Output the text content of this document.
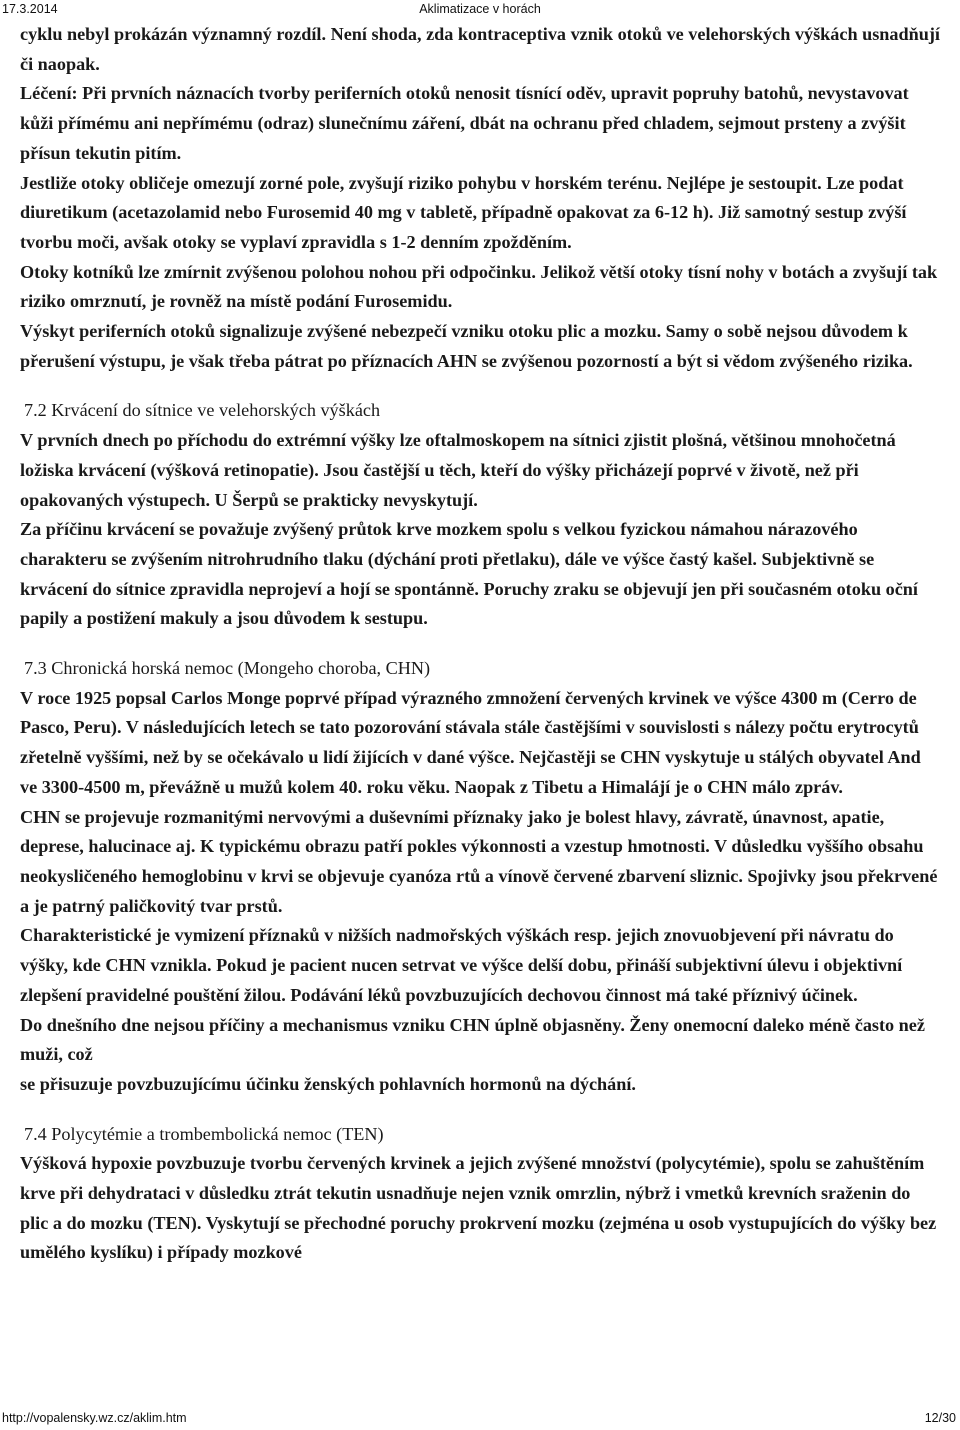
17.3.2014	Aklimatizace v horách

cyklu nebyl prokázán významný rozdíl. Není shoda, zda kontraceptiva vznik otoků ve velehorských výškách usnadňují či naopak.

Léčení: Při prvních náznacích tvorby periferních otoků nenosit tísnící oděv, upravit popruhy batohů, nevystavovat kůži přímému ani nepřímému (odraz) slunečnímu záření, dbát na ochranu před chladem, sejmout prsteny a zvýšit přísun tekutin pitím.

Jestliže otoky obličeje omezují zorné pole, zvyšují riziko pohybu v horském terénu. Nejlépe je sestoupit. Lze podat diuretikum (acetazolamid nebo Furosemid 40 mg v tabletě, případně opakovat za 6-12 h). Již samotný sestup zvýší tvorbu moči, avšak otoky se vyplaví zpravidla s 1-2 denním zpožděním.

Otoky kotníků lze zmírnit zvýšenou polohou nohou při odpočinku. Jelikož větší otoky tísní nohy v botách a zvyšují tak riziko omrznutí, je rovněž na místě podání Furosemidu.

Výskyt periferních otoků signalizuje zvýšené nebezpečí vzniku otoku plic a mozku. Samy o sobě nejsou důvodem k přerušení výstupu, je však třeba pátrat po příznacích AHN se zvýšenou pozorností a být si vědom zvýšeného rizika.

7.2 Krvácení do sítnice ve velehorských výškách

V prvních dnech po příchodu do extrémní výšky lze oftalmoskopem na sítnici zjistit plošná, většinou mnohočetná ložiska krvácení (výšková retinopatie). Jsou častější u těch, kteří do výšky přicházejí poprvé v životě, než při opakovaných výstupech. U Šerpů se prakticky nevyskytují.

Za příčinu krvácení se považuje zvýšený průtok krve mozkem spolu s velkou fyzickou námahou nárazového charakteru se zvýšením nitrohrudního tlaku (dýchání proti přetlaku), dále ve výšce častý kašel. Subjektivně se krvácení do sítnice zpravidla neprojeví a hojí se spontánně. Poruchy zraku se objevují jen při současném otoku oční papily a postižení makuly a jsou důvodem k sestupu.

7.3 Chronická horská nemoc (Mongeho choroba, CHN)

V roce 1925 popsal Carlos Monge poprvé případ výrazného zmnožení červených krvinek ve výšce 4300 m (Cerro de Pasco, Peru). V následujících letech se tato pozorování stávala stále častějšími v souvislosti s nálezy počtu erytrocytů zřetelně vyššími, než by se očekávalo u lidí žijících v dané výšce. Nejčastěji se CHN vyskytuje u stálých obyvatel And ve 3300-4500 m, převážně u mužů kolem 40. roku věku. Naopak z Tibetu a Himalájí je o CHN málo zpráv.

CHN se projevuje rozmanitými nervovými a duševními příznaky jako je bolest hlavy, závratě, únavnost, apatie, deprese, halucinace aj. K typickému obrazu patří pokles výkonnosti a vzestup hmotnosti. V důsledku vyššího obsahu neokysličeného hemoglobinu v krvi se objevuje cyanóza rtů a vínově červené zbarvení sliznic. Spojivky jsou překrvené a je patrný paličkovitý tvar prstů.

Charakteristické je vymizení příznaků v nižších nadmořských výškách resp. jejich znovuobjevení při návratu do výšky, kde CHN vznikla. Pokud je pacient nucen setrvat ve výšce delší dobu, přináší subjektivní úlevu i objektivní zlepšení pravidelné pouštění žilou. Podávání léků povzbuzujících dechovou činnost má také příznivý účinek.

Do dnešního dne nejsou příčiny a mechanismus vzniku CHN úplně objasněny. Ženy onemocní daleko méně často než muži, což

se přisuzuje povzbuzujícímu účinku ženských pohlavních hormonů na dýchání.

7.4 Polycytémie a trombembolická nemoc (TEN)

Výšková hypoxie povzbuzuje tvorbu červených krvinek a jejich zvýšené množství (polycytémie), spolu se zahuštěním krve při dehydrataci v důsledku ztrát tekutin usnadňuje nejen vznik omrzlin, nýbrž i vmetků krevních sraženin do plic a do mozku (TEN). Vyskytují se přechodné poruchy prokrvení mozku (zejména u osob vystupujících do výšky bez umělého kyslíku) i případy mozkové

http://vopalensky.wz.cz/aklim.htm	12/30
